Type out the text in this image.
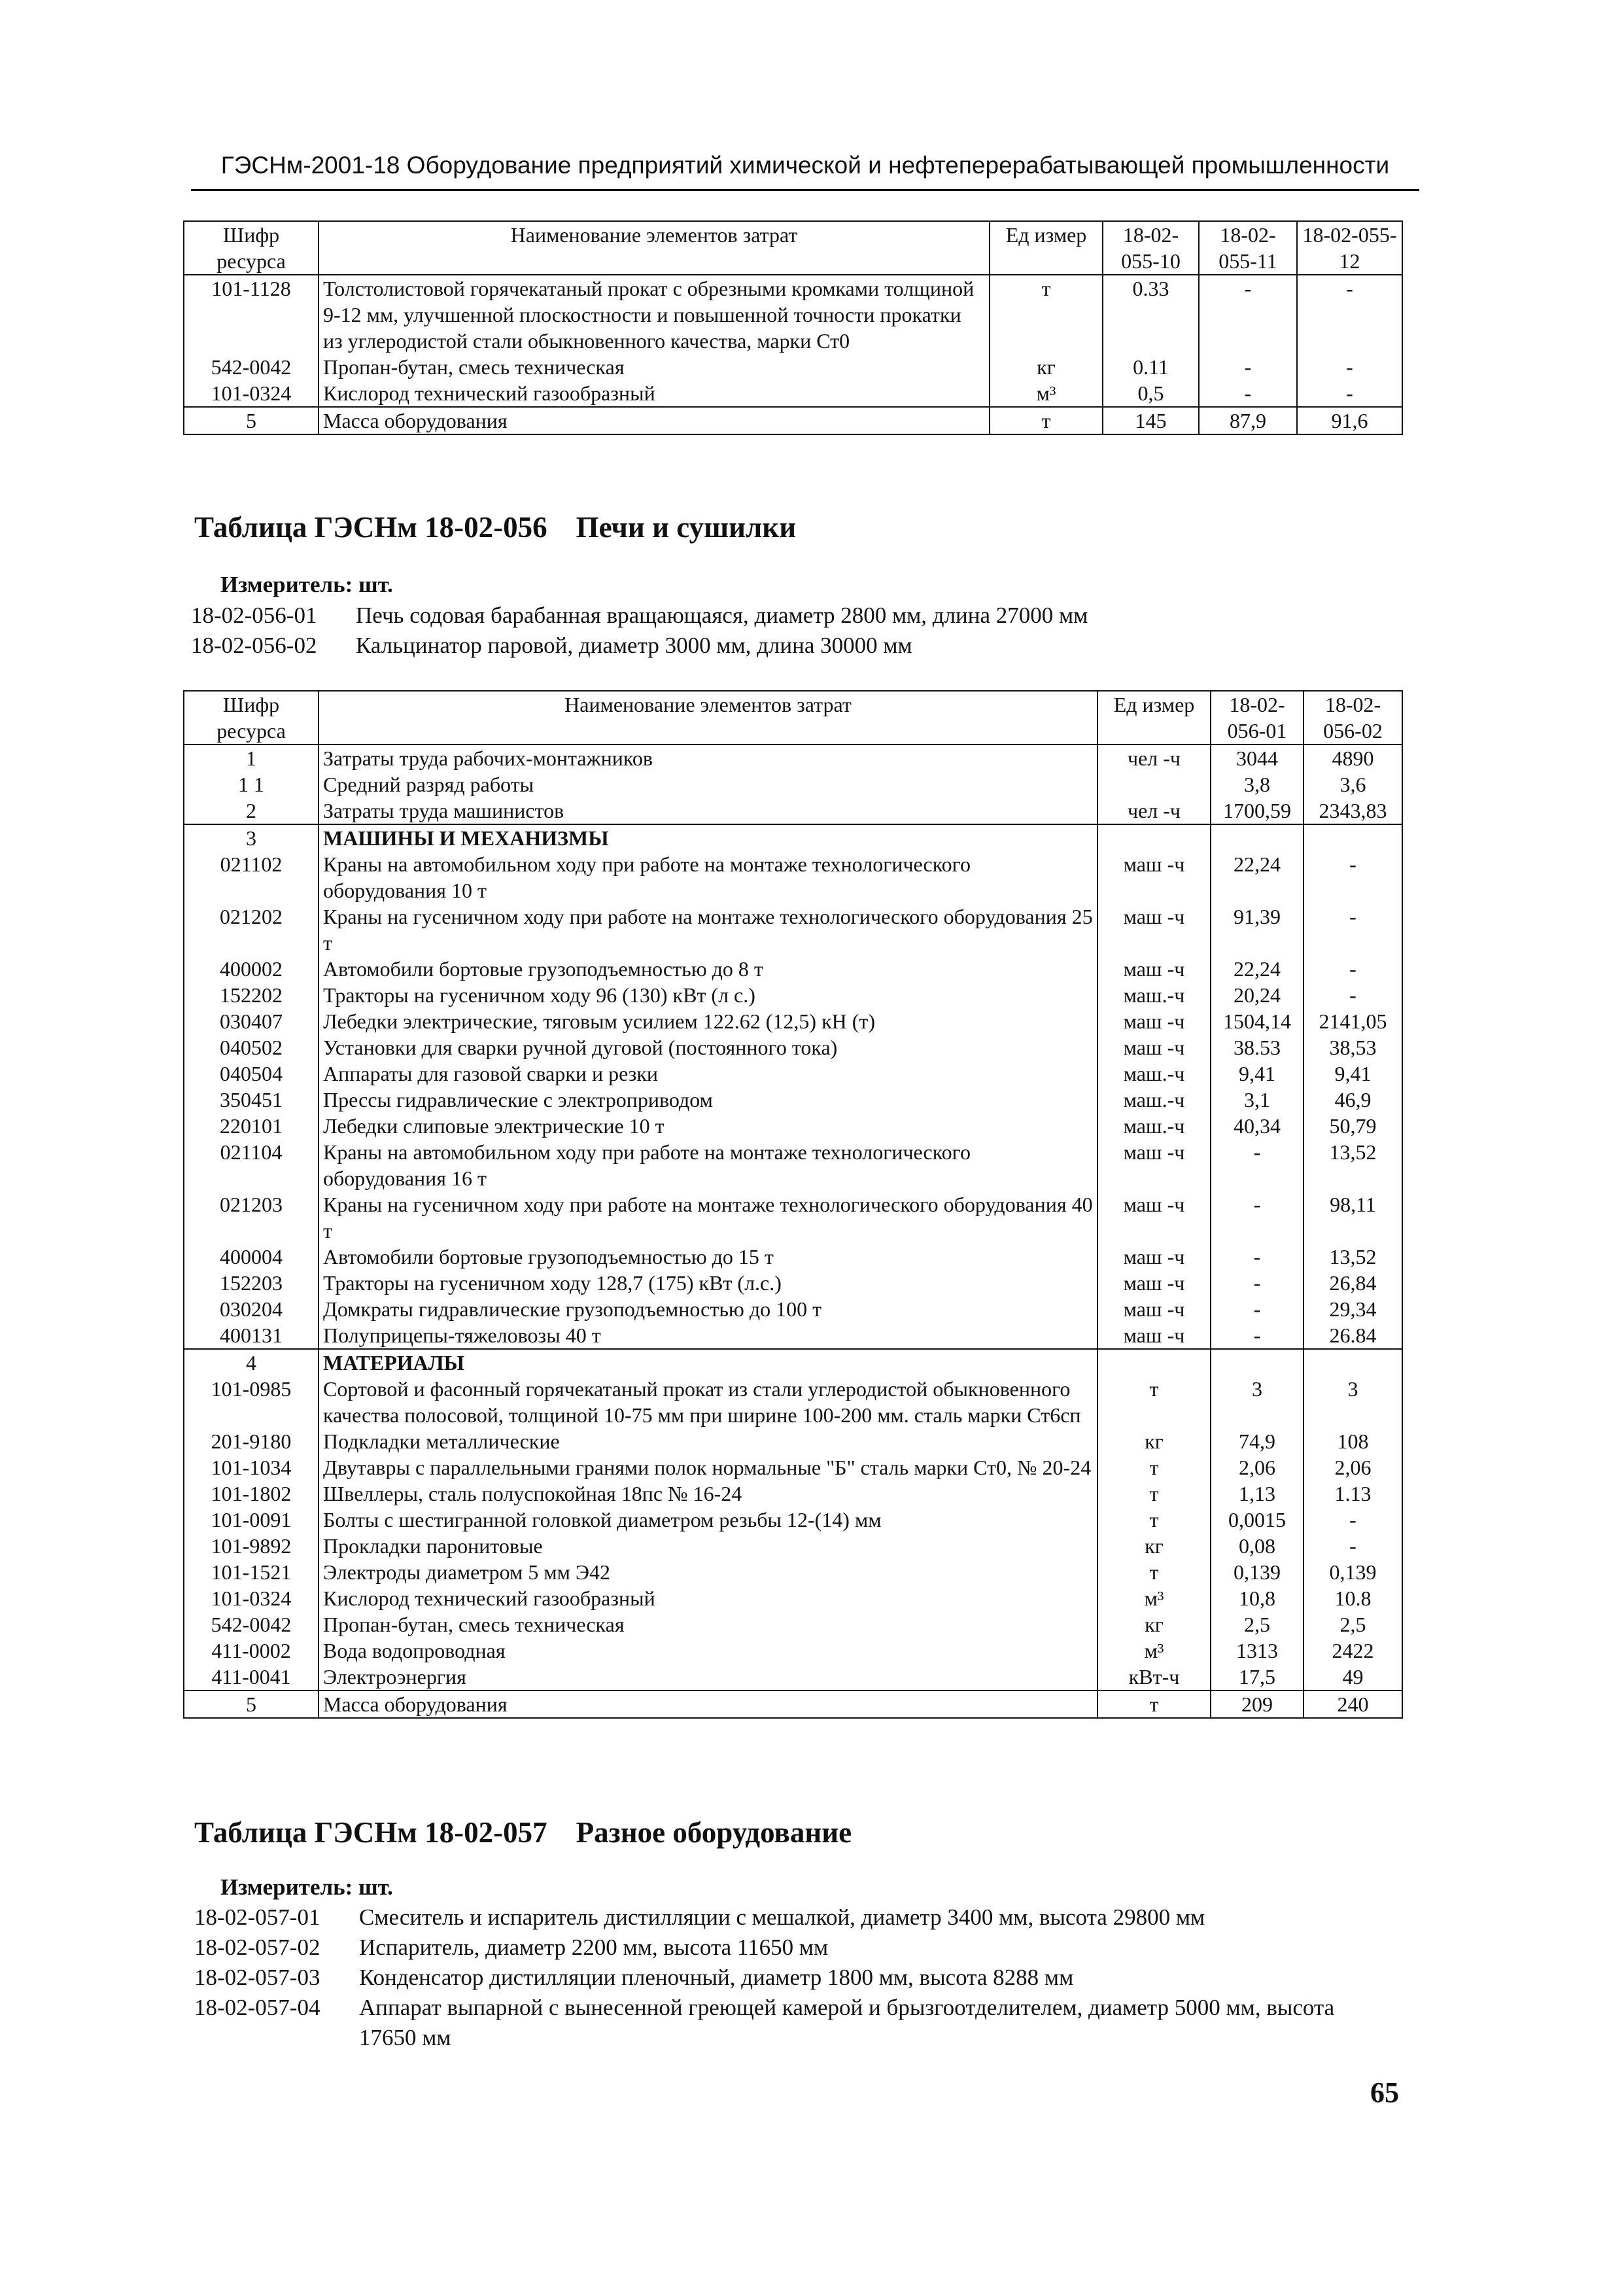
ГЭСНм-2001-18 Оборудование предприятий химической и нефтеперерабатывающей промышленности
Шифр ресурса	Наименование элементов затрат	Ед измер	18-02-055-10	18-02-055-11	18-02-055-12
101-1128	Толстолистовой горячекатаный прокат с обрезными кромками толщиной 9-12 мм, улучшенной плоскостности и повышенной точности прокатки из углеродистой стали обыкновенного качества, марки Ст0	т	0.33	-	-
542-0042	Пропан-бутан, смесь техническая	кг	0.11	-	-
101-0324	Кислород технический газообразный	м³	0,5	-	-
5	Масса оборудования	т	145	87,9	91,6
Таблица ГЭСНм 18-02-056 Печи и сушилки
Измеритель: шт.
18-02-056-01	Печь содовая барабанная вращающаяся, диаметр 2800 мм, длина 27000 мм
18-02-056-02	Кальцинатор паровой, диаметр 3000 мм, длина 30000 мм
Шифр ресурса	Наименование элементов затрат	Ед измер	18-02-056-01	18-02-056-02
1	Затраты труда рабочих-монтажников	чел -ч	3044	4890
1 1	Средний разряд работы		3,8	3,6
2	Затраты труда машинистов	чел -ч	1700,59	2343,83
3	МАШИНЫ И МЕХАНИЗМЫ			
021102	Краны на автомобильном ходу при работе на монтаже технологического оборудования 10 т	маш -ч	22,24	-
021202	Краны на гусеничном ходу при работе на монтаже технологического оборудования 25 т	маш -ч	91,39	-
400002	Автомобили бортовые грузоподъемностью до 8 т	маш -ч	22,24	-
152202	Тракторы на гусеничном ходу 96 (130) кВт (л с.)	маш.-ч	20,24	-
030407	Лебедки электрические, тяговым усилием 122.62 (12,5) кН (т)	маш -ч	1504,14	2141,05
040502	Установки для сварки ручной дуговой (постоянного тока)	маш -ч	38.53	38,53
040504	Аппараты для газовой сварки и резки	маш.-ч	9,41	9,41
350451	Прессы гидравлические с электроприводом	маш.-ч	3,1	46,9
220101	Лебедки слиповые электрические 10 т	маш.-ч	40,34	50,79
021104	Краны на автомобильном ходу при работе на монтаже технологического оборудования 16 т	маш -ч	-	13,52
021203	Краны на гусеничном ходу при работе на монтаже технологического оборудования 40 т	маш -ч	-	98,11
400004	Автомобили бортовые грузоподъемностью до 15 т	маш -ч	-	13,52
152203	Тракторы на гусеничном ходу 128,7 (175) кВт (л.с.)	маш -ч	-	26,84
030204	Домкраты гидравлические грузоподъемностью до 100 т	маш -ч	-	29,34
400131	Полуприцепы-тяжеловозы 40 т	маш -ч	-	26.84
4	МАТЕРИАЛЫ			
101-0985	Сортовой и фасонный горячекатаный прокат из стали углеродистой обыкновенного качества полосовой, толщиной 10-75 мм при ширине 100-200 мм. сталь марки Ст6сп	т	3	3
201-9180	Подкладки металлические	кг	74,9	108
101-1034	Двутавры с параллельными гранями полок нормальные "Б" сталь марки Ст0, № 20-24	т	2,06	2,06
101-1802	Швеллеры, сталь полуспокойная 18пс № 16-24	т	1,13	1.13
101-0091	Болты с шестигранной головкой диаметром резьбы 12-(14) мм	т	0,0015	-
101-9892	Прокладки паронитовые	кг	0,08	-
101-1521	Электроды диаметром 5 мм Э42	т	0,139	0,139
101-0324	Кислород технический газообразный	м³	10,8	10.8
542-0042	Пропан-бутан, смесь техническая	кг	2,5	2,5
411-0002	Вода водопроводная	м³	1313	2422
411-0041	Электроэнергия	кВт-ч	17,5	49
5	Масса оборудования	т	209	240
Таблица ГЭСНм 18-02-057 Разное оборудование
Измеритель: шт.
18-02-057-01	Смеситель и испаритель дистилляции с мешалкой, диаметр 3400 мм, высота 29800 мм
18-02-057-02	Испаритель, диаметр 2200 мм, высота 11650 мм
18-02-057-03	Конденсатор дистилляции пленочный, диаметр 1800 мм, высота 8288 мм
18-02-057-04	Аппарат выпарной с вынесенной греющей камерой и брызгоотделителем, диаметр 5000 мм, высота 17650 мм
65
